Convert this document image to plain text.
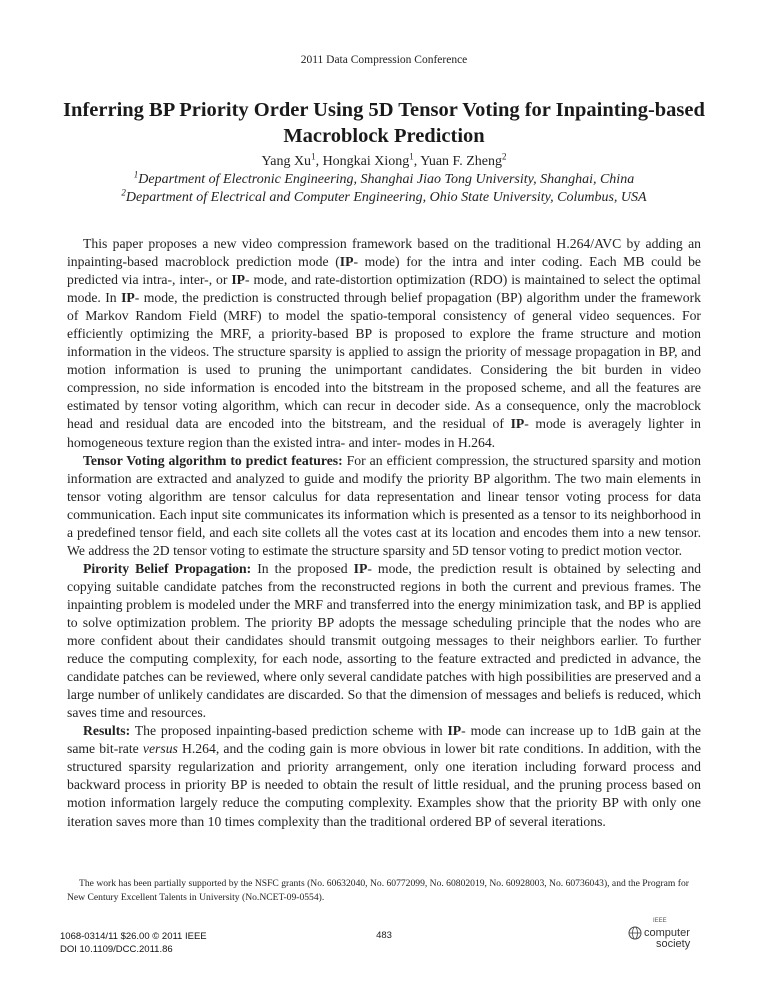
2011 Data Compression Conference
Inferring BP Priority Order Using 5D Tensor Voting for Inpainting-based Macroblock Prediction
Yang Xu$^1$, Hongkai Xiong$^1$, Yuan F. Zheng$^2$
$^1$Department of Electronic Engineering, Shanghai Jiao Tong University, Shanghai, China
$^2$Department of Electrical and Computer Engineering, Ohio State University, Columbus, USA

This paper proposes a new video compression framework based on the traditional H.264/AVC by adding an inpainting-based macroblock prediction mode (IP- mode) for the intra and inter coding. Each MB could be predicted via intra-, inter-, or IP- mode, and rate-distortion optimization (RDO) is maintained to select the optimal mode. In IP- mode, the prediction is constructed through belief propagation (BP) algorithm under the framework of Markov Random Field (MRF) to model the spatio-temporal consistency of general video sequences. For efficiently optimizing the MRF, a priority-based BP is proposed to explore the frame structure and motion information in the videos. The structure sparsity is applied to assign the priority of message propagation in BP, and motion information is used to pruning the unimportant candidates. Considering the bit burden in video compression, no side information is encoded into the bitstream in the proposed scheme, and all the features are estimated by tensor voting algorithm, which can recur in decoder side. As a consequence, only the macroblock head and residual data are encoded into the bitstream, and the residual of IP- mode is averagely lighter in homogeneous texture region than the existed intra- and inter- modes in H.264.

Tensor Voting algorithm to predict features: For an efficient compression, the structured sparsity and motion information are extracted and analyzed to guide and modify the priority BP algorithm. The two main elements in tensor voting algorithm are tensor calculus for data representation and linear tensor voting process for data communication. Each input site communicates its information which is presented as a tensor to its neighborhood in a predefined tensor field, and each site collets all the votes cast at its location and encodes them into a new tensor. We address the 2D tensor voting to estimate the structure sparsity and 5D tensor voting to predict motion vector.

Pirority Belief Propagation: In the proposed IP- mode, the prediction result is obtained by selecting and copying suitable candidate patches from the reconstructed regions in both the current and previous frames. The inpainting problem is modeled under the MRF and transferred into the energy minimization task, and BP is applied to solve optimization problem. The priority BP adopts the message scheduling principle that the nodes who are more confident about their candidates should transmit outgoing messages to their neighbors earlier. To further reduce the computing complexity, for each node, assorting to the feature extracted and predicted in advance, the candidate patches can be reviewed, where only several candidate patches with high possibilities are preserved and a large number of unlikely candidates are discarded. So that the dimension of messages and beliefs is reduced, which saves time and resources.

Results: The proposed inpainting-based prediction scheme with IP- mode can increase up to 1dB gain at the same bit-rate versus H.264, and the coding gain is more obvious in lower bit rate conditions. In addition, with the structured sparsity regularization and priority arrangement, only one iteration including forward process and backward process in priority BP is needed to obtain the result of little residual, and the pruning process based on motion information largely reduce the computing complexity. Examples show that the priority BP with only one iteration saves more than 10 times complexity than the traditional ordered BP of several iterations.

The work has been partially supported by the NSFC grants (No. 60632040, No. 60772099, No. 60802019, No. 60928003, No. 60736043), and the Program for New Century Excellent Talents in University (No.NCET-09-0554).
1068-0314/11 $26.00 © 2011 IEEE
DOI 10.1109/DCC.2011.86
483
IEEE
computer
society
